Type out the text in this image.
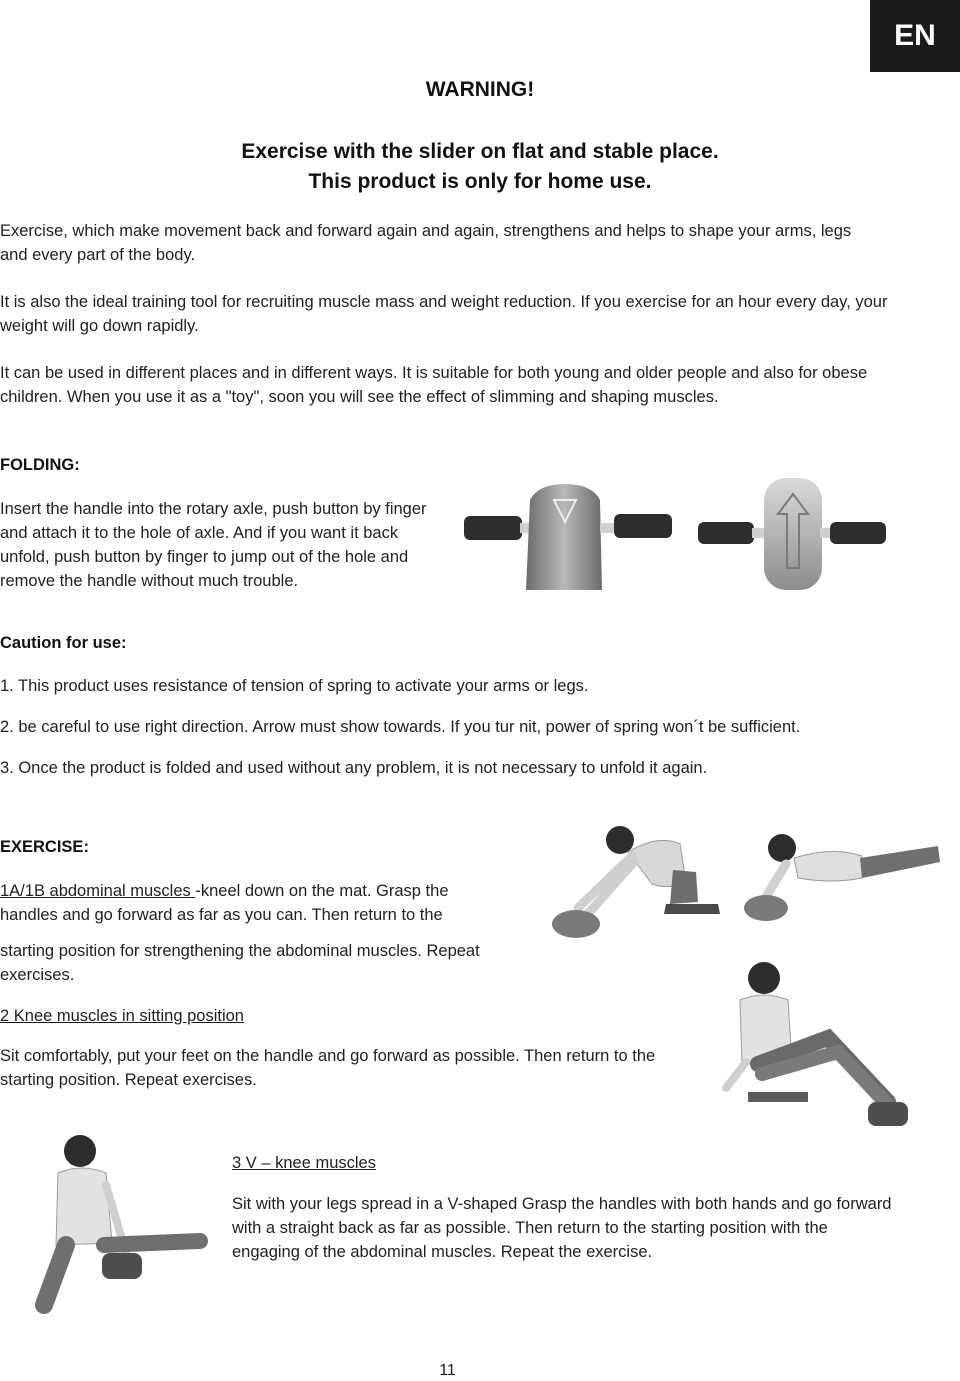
EN
WARNING!
Exercise with the slider on flat and stable place.
This product is only for home use.
Exercise, which make movement back and forward again and again, strengthens and helps to shape your arms, legs and every part of the body.
It is also the ideal training tool for recruiting muscle mass and weight reduction. If you exercise for an hour every day, your weight will go down rapidly.
It can be used in different places and in different ways. It is suitable for both young and older people and also for obese children. When you use it as a "toy", soon you will see the effect of slimming and shaping muscles.
FOLDING:
Insert the handle into the rotary axle, push button by finger and attach it to the hole of axle. And if you want it back unfold, push button by finger to jump out of the hole and remove the handle without much trouble.
Caution for use:
1. This product uses resistance of tension of spring to activate your arms or legs.
2. be careful to use right direction. Arrow must show towards. If you tur nit, power of spring won´t be sufficient.
3. Once the product is folded and used without any problem, it is not necessary to unfold it again.
EXERCISE:
1A/1B abdominal muscles -kneel down on the mat. Grasp the handles and go forward as far as you can. Then return to the
starting position for strengthening the abdominal muscles. Repeat exercises.
2 Knee muscles in sitting position
Sit comfortably, put your feet on the handle and go forward as possible. Then return to the starting position. Repeat exercises.
3 V – knee muscles
Sit with your legs spread in a V-shaped Grasp the handles with both hands and go forward with a straight back as far as possible. Then return to the starting position with the engaging of the abdominal muscles. Repeat the exercise.
11
